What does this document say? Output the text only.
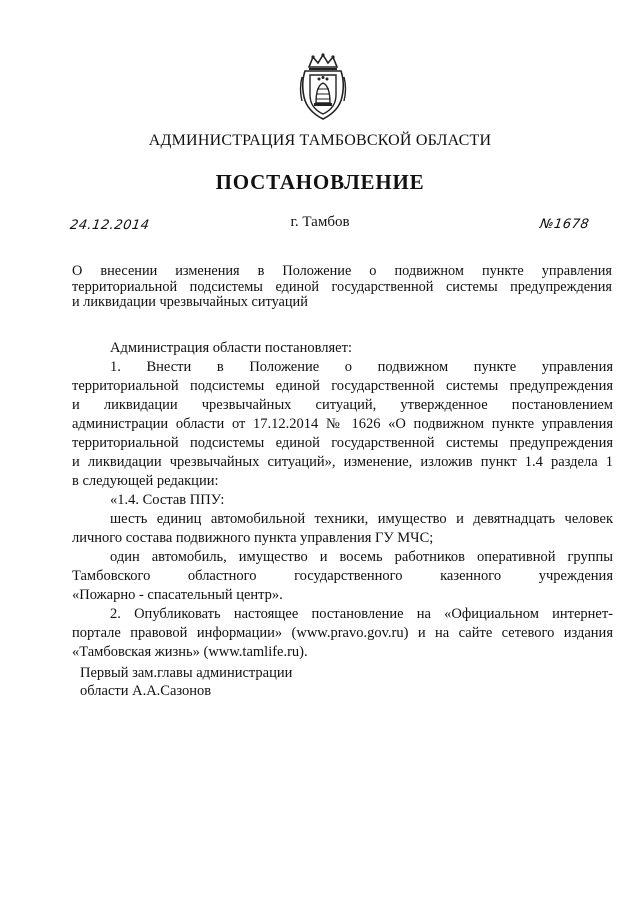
АДМИНИСТРАЦИЯ ТАМБОВСКОЙ ОБЛАСТИ
ПОСТАНОВЛЕНИЕ
24.12.2014	г. Тамбов	№1678
О внесении изменения в Положение о подвижном пункте управления
территориальной подсистемы единой государственной системы предупреждения
и ликвидации чрезвычайных ситуаций
Администрация области постановляет:
1. Внести в Положение о подвижном пункте управления
территориальной подсистемы единой государственной системы предупреждения
и ликвидации чрезвычайных ситуаций, утвержденное постановлением
администрации области от 17.12.2014 № 1626 «О подвижном пункте управления
территориальной подсистемы единой государственной системы предупреждения
и ликвидации чрезвычайных ситуаций», изменение, изложив пункт 1.4 раздела 1
в следующей редакции:
«1.4. Состав ППУ:
шесть единиц автомобильной техники, имущество и девятнадцать человек
личного состава подвижного пункта управления ГУ МЧС;
один автомобиль, имущество и восемь работников оперативной группы
Тамбовского областного государственного казенного учреждения
«Пожарно - спасательный центр».
2. Опубликовать настоящее постановление на «Официальном интернет-
портале правовой информации» (www.pravo.gov.ru) и на сайте сетевого издания
«Тамбовская жизнь» (www.tamlife.ru).
Первый зам.главы администрации
области А.А.Сазонов
